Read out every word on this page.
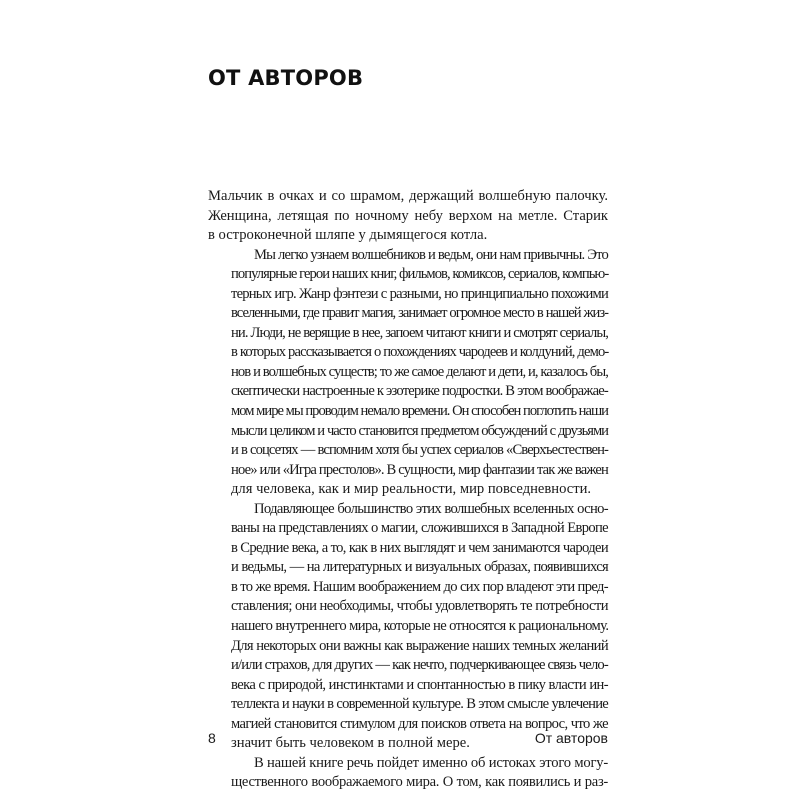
ОТ АВТОРОВ

Мальчик в очках и со шрамом, держащий волшебную палочку.
Женщина, летящая по ночному небу верхом на метле. Старик
в остроконечной шляпе у дымящегося котла.

Мы легко узнаем волшебников и ведьм, они нам привычны. Это
популярные герои наших книг, фильмов, комиксов, сериалов, компью-
терных игр. Жанр фэнтези с разными, но принципиально похожими
вселенными, где правит магия, занимает огромное место в нашей жиз-
ни. Люди, не верящие в нее, запоем читают книги и смотрят сериалы,
в которых рассказывается о похождениях чародеев и колдуний, демо-
нов и волшебных существ; то же самое делают и дети, и, казалось бы,
скептически настроенные к эзотерике подростки. В этом воображае-
мом мире мы проводим немало времени. Он способен поглотить наши
мысли целиком и часто становится предметом обсуждений с друзьями
и в соцсетях — вспомним хотя бы успех сериалов «Сверхъестествен-
ное» или «Игра престолов». В сущности, мир фантазии так же важен
для человека, как и мир реальности, мир повседневности.

Подавляющее большинство этих волшебных вселенных осно-
ваны на представлениях о магии, сложившихся в Западной Европе
в Средние века, а то, как в них выглядят и чем занимаются чародеи
и ведьмы, — на литературных и визуальных образах, появившихся
в то же время. Нашим воображением до сих пор владеют эти пред-
ставления; они необходимы, чтобы удовлетворять те потребности
нашего внутреннего мира, которые не относятся к рациональному.
Для некоторых они важны как выражение наших темных желаний
и/или страхов, для других — как нечто, подчеркивающее связь чело-
века с природой, инстинктами и спонтанностью в пику власти ин-
теллекта и науки в современной культуре. В этом смысле увлечение
магией становится стимулом для поисков ответа на вопрос, что же
значит быть человеком в полной мере.

В нашей книге речь пойдет именно об истоках этого могу-
щественного воображаемого мира. О том, как появились и раз-

8	От авторов
